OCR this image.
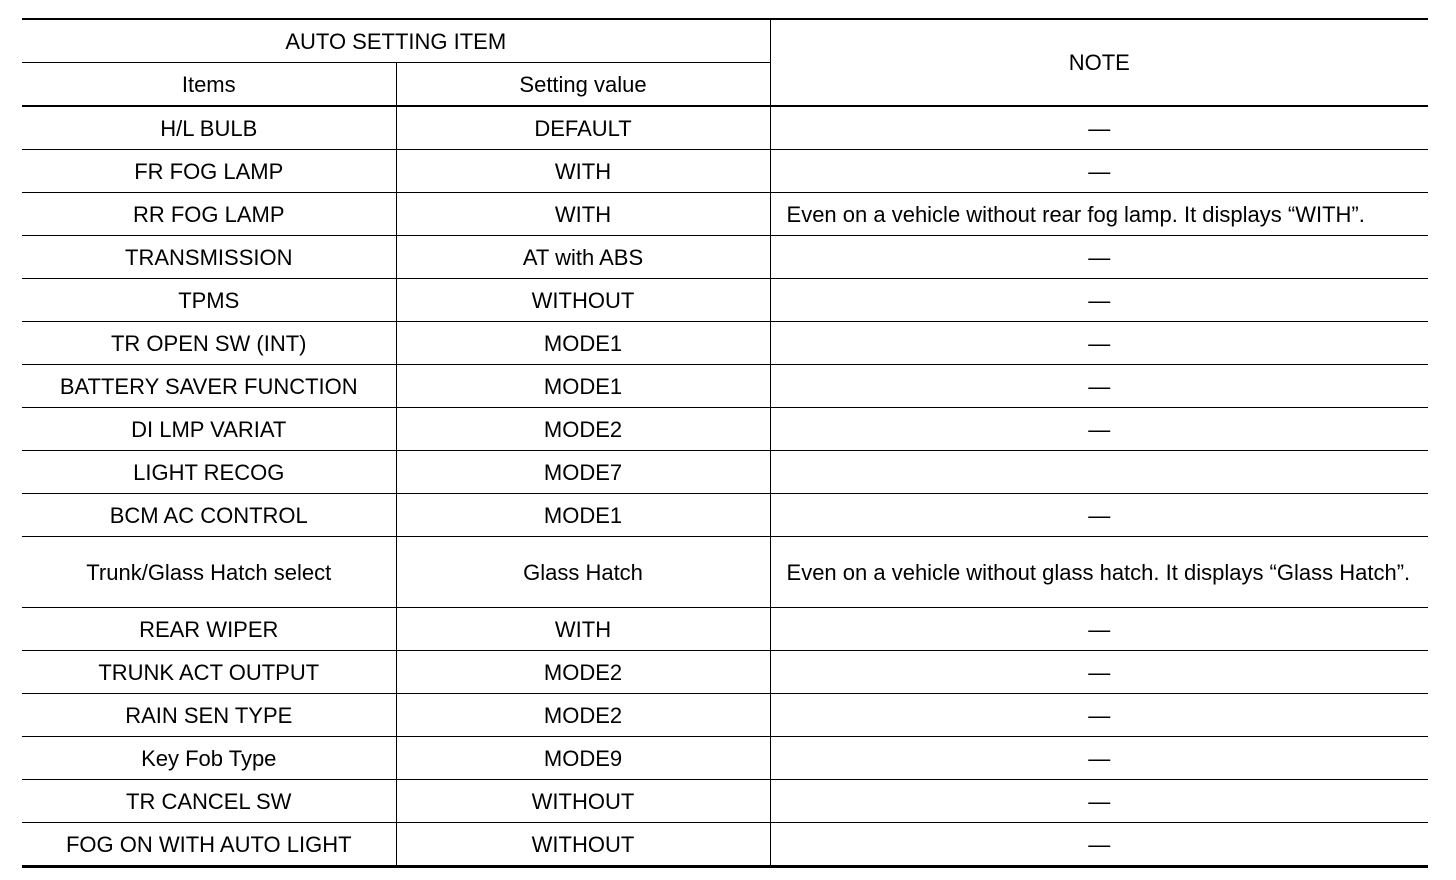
AUTO SETTING ITEM		NOTE
Items	Setting value	
H/L BULB	DEFAULT	—
FR FOG LAMP	WITH	—
RR FOG LAMP	WITH	Even on a vehicle without rear fog lamp. It displays “WITH”.
TRANSMISSION	AT with ABS	—
TPMS	WITHOUT	—
TR OPEN SW (INT)	MODE1	—
BATTERY SAVER FUNCTION	MODE1	—
DI LMP VARIAT	MODE2	—
LIGHT RECOG	MODE7	
BCM AC CONTROL	MODE1	—
Trunk/Glass Hatch select	Glass Hatch	Even on a vehicle without glass hatch. It displays “Glass Hatch”.
REAR WIPER	WITH	—
TRUNK ACT OUTPUT	MODE2	—
RAIN SEN TYPE	MODE2	—
Key Fob Type	MODE9	—
TR CANCEL SW	WITHOUT	—
FOG ON WITH AUTO LIGHT	WITHOUT	—
